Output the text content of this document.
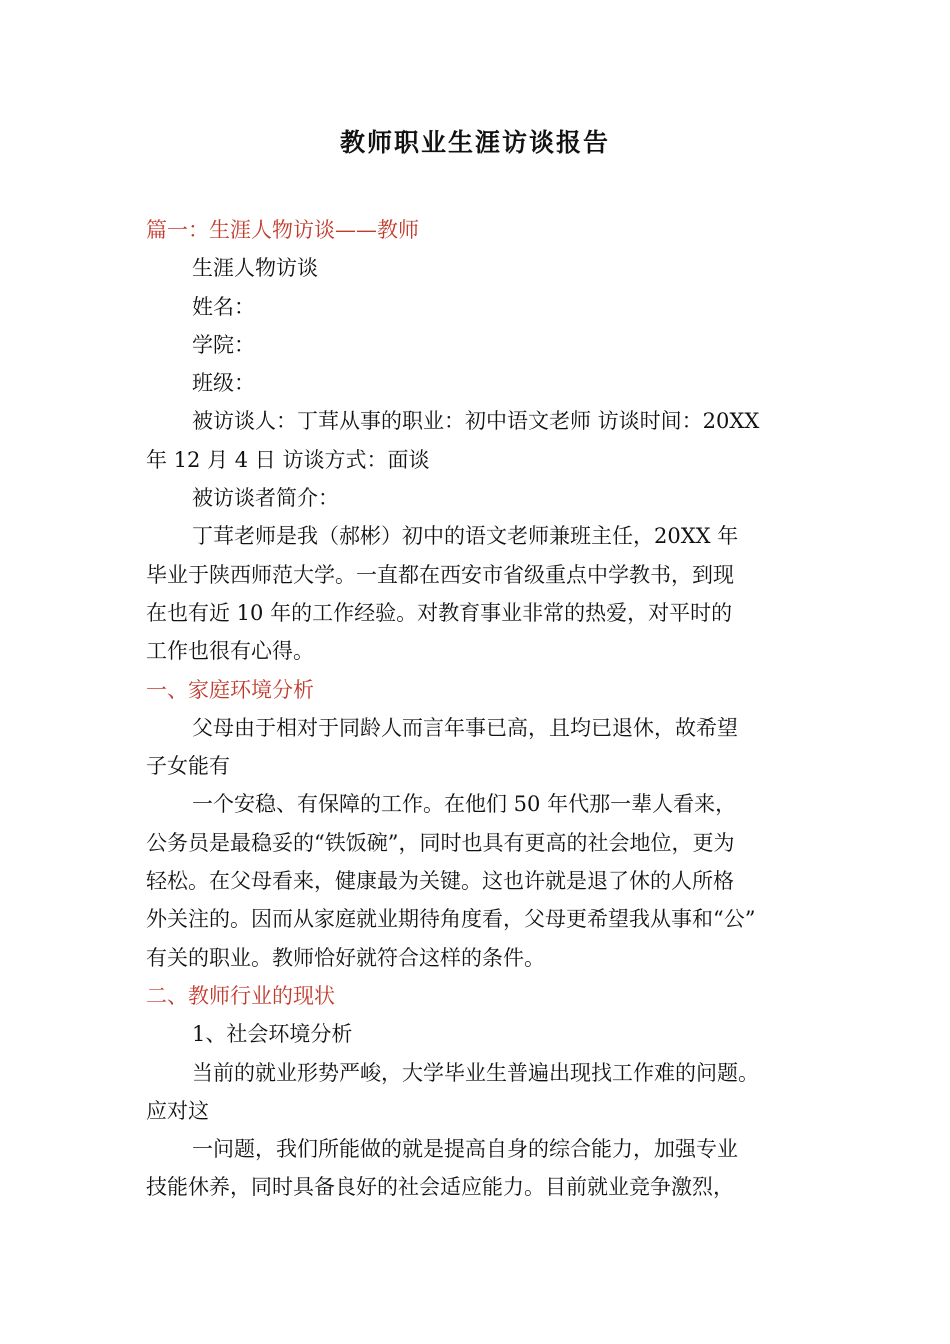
教师职业生涯访谈报告
篇一：生涯人物访谈——教师
生涯人物访谈
姓名：
学院：
班级：
被访谈人：丁茸从事的职业：初中语文老师 访谈时间：20XX
年 12 月 4 日 访谈方式：面谈
被访谈者简介：
丁茸老师是我（郝彬）初中的语文老师兼班主任，20XX 年
毕业于陕西师范大学。一直都在西安市省级重点中学教书，到现
在也有近 10 年的工作经验。对教育事业非常的热爱，对平时的
工作也很有心得。
一、家庭环境分析
父母由于相对于同龄人而言年事已高，且均已退休，故希望
子女能有
一个安稳、有保障的工作。在他们 50 年代那一辈人看来，
公务员是最稳妥的“铁饭碗”，同时也具有更高的社会地位，更为
轻松。在父母看来，健康最为关键。这也许就是退了休的人所格
外关注的。因而从家庭就业期待角度看，父母更希望我从事和“公”
有关的职业。教师恰好就符合这样的条件。
二、教师行业的现状
1、社会环境分析
当前的就业形势严峻，大学毕业生普遍出现找工作难的问题。
应对这
一问题，我们所能做的就是提高自身的综合能力，加强专业
技能休养，同时具备良好的社会适应能力。目前就业竞争激烈，
